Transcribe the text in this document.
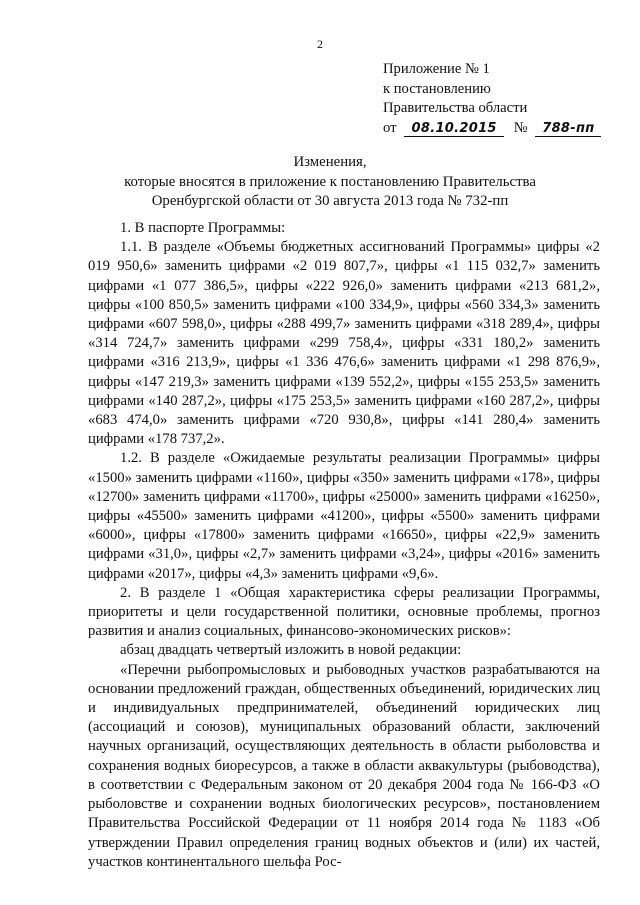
2
Приложение № 1
к постановлению
Правительства области
от 08.10.2015 № 788-пп
Изменения,
которые вносятся в приложение к постановлению Правительства
Оренбургской области от 30 августа 2013 года № 732-пп

1. В паспорте Программы:

1.1. В разделе «Объемы бюджетных ассигнований Программы» цифры «2 019 950,6» заменить цифрами «2 019 807,7», цифры «1 115 032,7» заменить цифрами «1 077 386,5», цифры «222 926,0» заменить цифрами «213 681,2», цифры «100 850,5» заменить цифрами «100 334,9», цифры «560 334,3» заменить цифрами «607 598,0», цифры «288 499,7» заменить цифрами «318 289,4», цифры «314 724,7» заменить цифрами «299 758,4», цифры «331 180,2» заменить цифрами «316 213,9», цифры «1 336 476,6» заменить цифрами «1 298 876,9», цифры «147 219,3» заменить цифрами «139 552,2», цифры «155 253,5» заменить цифрами «140 287,2», цифры «175 253,5» заменить цифрами «160 287,2», цифры «683 474,0» заменить цифрами «720 930,8», цифры «141 280,4» заменить цифрами «178 737,2».

1.2. В разделе «Ожидаемые результаты реализации Программы» цифры «1500» заменить цифрами «1160», цифры «350» заменить цифрами «178», цифры «12700» заменить цифрами «11700», цифры «25000» заменить цифрами «16250», цифры «45500» заменить цифрами «41200», цифры «5500» заменить цифрами «6000», цифры «17800» заменить цифрами «16650», цифры «22,9» заменить цифрами «31,0», цифры «2,7» заменить цифрами «3,24», цифры «2016» заменить цифрами «2017», цифры «4,3» заменить цифрами «9,6».

2. В разделе 1 «Общая характеристика сферы реализации Программы, приоритеты и цели государственной политики, основные проблемы, прогноз развития и анализ социальных, финансово-экономических рисков»:

абзац двадцать четвертый изложить в новой редакции:

«Перечни рыбопромысловых и рыбоводных участков разрабатываются на основании предложений граждан, общественных объединений, юридических лиц и индивидуальных предпринимателей, объединений юридических лиц (ассоциаций и союзов), муниципальных образований области, заключений научных организаций, осуществляющих деятельность в области рыболовства и сохранения водных биоресурсов, а также в области аквакультуры (рыбоводства), в соответствии с Федеральным законом от 20 декабря 2004 года № 166-ФЗ «О рыболовстве и сохранении водных биологических ресурсов», постановлением Правительства Российской Федерации от 11 ноября 2014 года № 1183 «Об утверждении Правил определения границ водных объектов и (или) их частей, участков континентального шельфа Рос-
